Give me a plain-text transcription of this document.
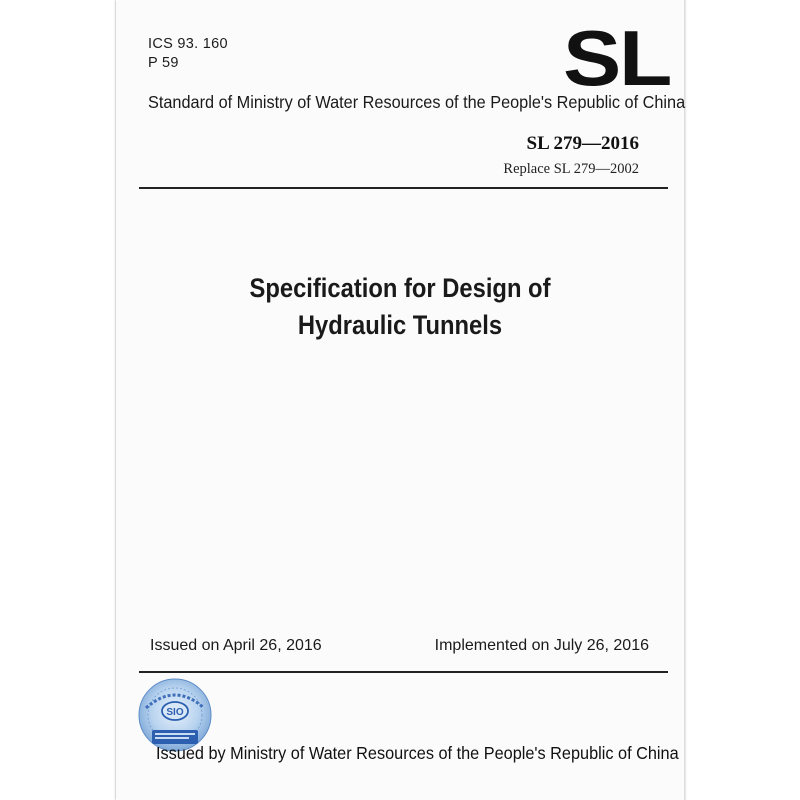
ICS 93. 160
P 59	SL
Standard of Ministry of Water Resources of the People's Republic of China
SL 279—2016
Replace SL 279—2002
Specification for Design of
Hydraulic Tunnels
Issued on April 26, 2016	Implemented on July 26, 2016
SIO
Issued by Ministry of Water Resources of the People's Republic of China
